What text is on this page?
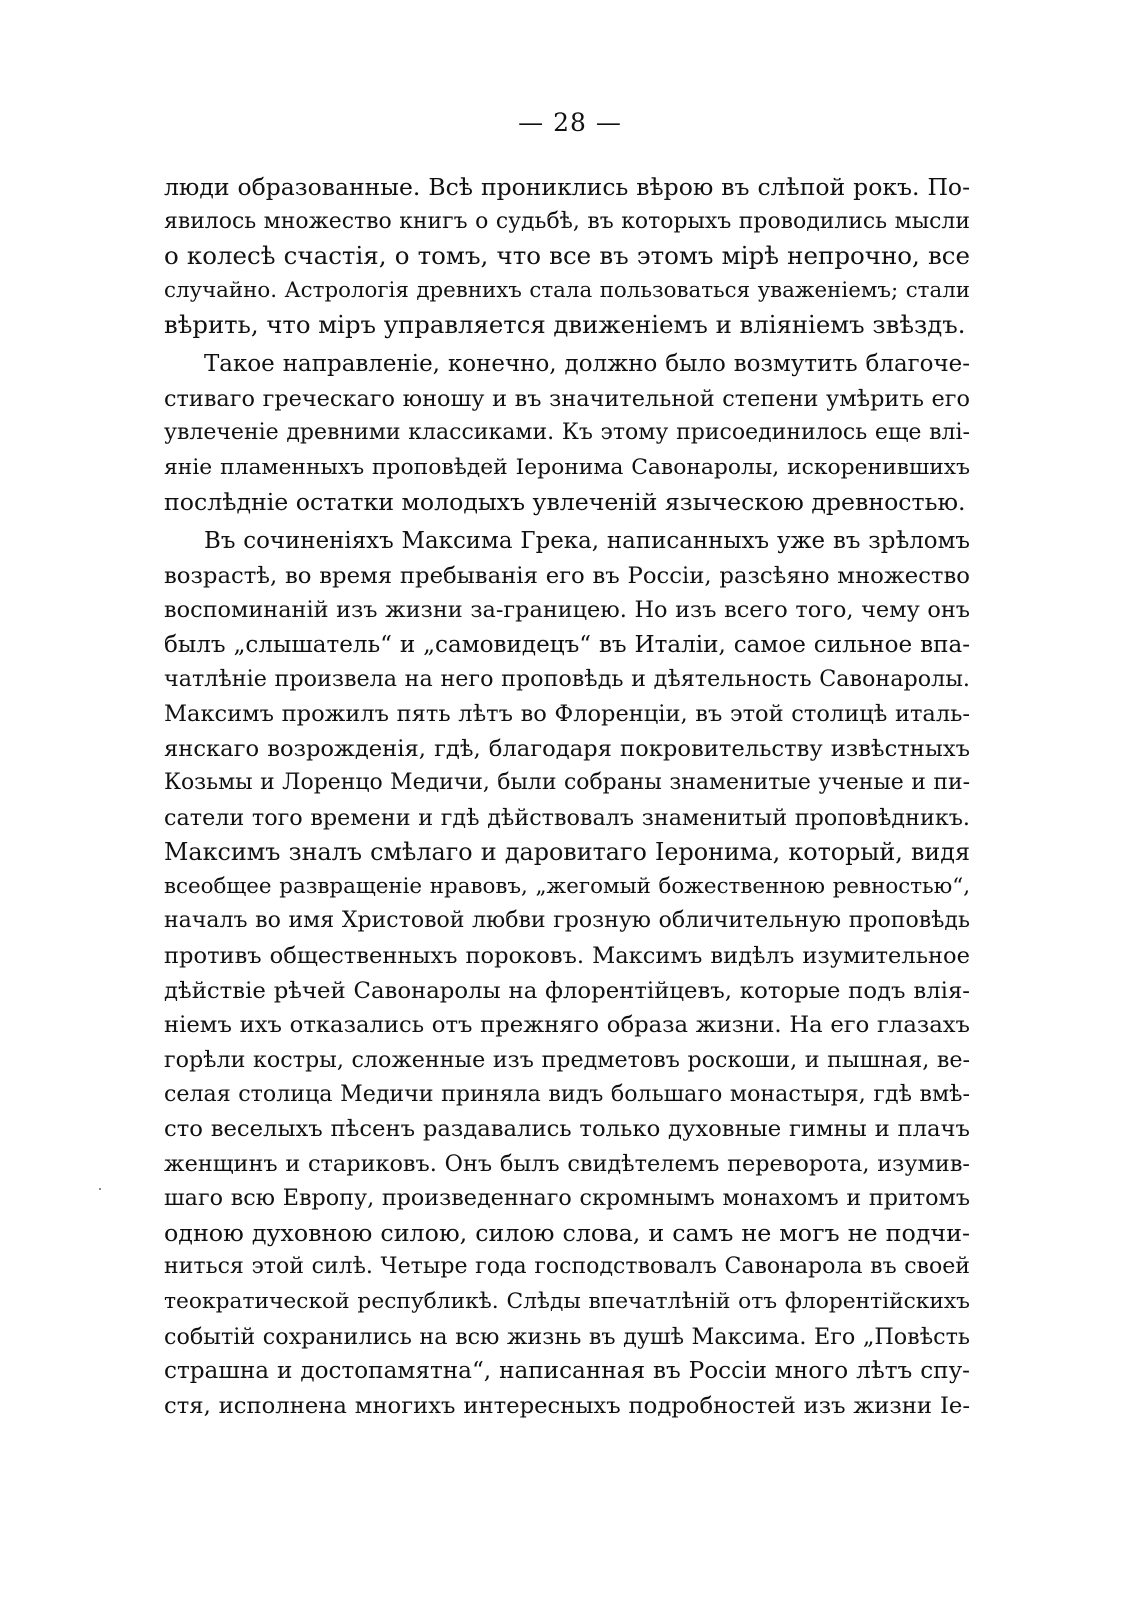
— 28 —
люди образованные. Всѣ прониклись вѣрою въ слѣпой рокъ. По-
явилось множество книгъ о судьбѣ, въ которыхъ проводились мысли
о колесѣ счастія, о томъ, что все въ этомъ мірѣ непрочно, все
случайно. Астрологія древнихъ стала пользоваться уваженіемъ; стали
вѣрить, что міръ управляется движеніемъ и вліяніемъ звѣздъ.
Такое направленіе, конечно, должно было возмутить благоче-
стиваго греческаго юношу и въ значительной степени умѣрить его
увлеченіе древними классиками. Къ этому присоединилось еще влі-
яніе пламенныхъ проповѣдей Іеронима Савонаролы, искоренившихъ
послѣдніе остатки молодыхъ увлеченій языческою древностью.
Въ сочиненіяхъ Максима Грека, написанныхъ уже въ зрѣломъ
возрастѣ, во время пребыванія его въ Россіи, разсѣяно множество
воспоминаній изъ жизни за-границею. Но изъ всего того, чему онъ
былъ „слышатель“ и „самовидецъ“ въ Италіи, самое сильное впа-
чатлѣніе произвела на него проповѣдь и дѣятельность Савонаролы.
Максимъ прожилъ пять лѣтъ во Флоренціи, въ этой столицѣ италь-
янскаго возрожденія, гдѣ, благодаря покровительству извѣстныхъ
Козьмы и Лоренцо Медичи, были собраны знаменитые ученые и пи-
сатели того времени и гдѣ дѣйствовалъ знаменитый проповѣдникъ.
Максимъ зналъ смѣлаго и даровитаго Іеронима, который, видя
всеобщее развращеніе нравовъ, „жегомый божественною ревностью“,
началъ во имя Христовой любви грозную обличительную проповѣдь
противъ общественныхъ пороковъ. Максимъ видѣлъ изумительное
дѣйствіе рѣчей Савонаролы на флорентійцевъ, которые подъ влія-
ніемъ ихъ отказались отъ прежняго образа жизни. На его глазахъ
горѣли костры, сложенные изъ предметовъ роскоши, и пышная, ве-
селая столица Медичи приняла видъ большаго монастыря, гдѣ вмѣ-
сто веселыхъ пѣсенъ раздавались только духовные гимны и плачъ
женщинъ и стариковъ. Онъ былъ свидѣтелемъ переворота, изумив-
шаго всю Европу, произведеннаго скромнымъ монахомъ и притомъ
одною духовною силою, силою слова, и самъ не могъ не подчи-
ниться этой силѣ. Четыре года господствовалъ Савонарола въ своей
теократической республикѣ. Слѣды впечатлѣній отъ флорентійскихъ
событій сохранились на всю жизнь въ душѣ Максима. Его „Повѣсть
страшна и достопамятна“, написанная въ Россіи много лѣтъ спу-
стя, исполнена многихъ интересныхъ подробностей изъ жизни Іе-
